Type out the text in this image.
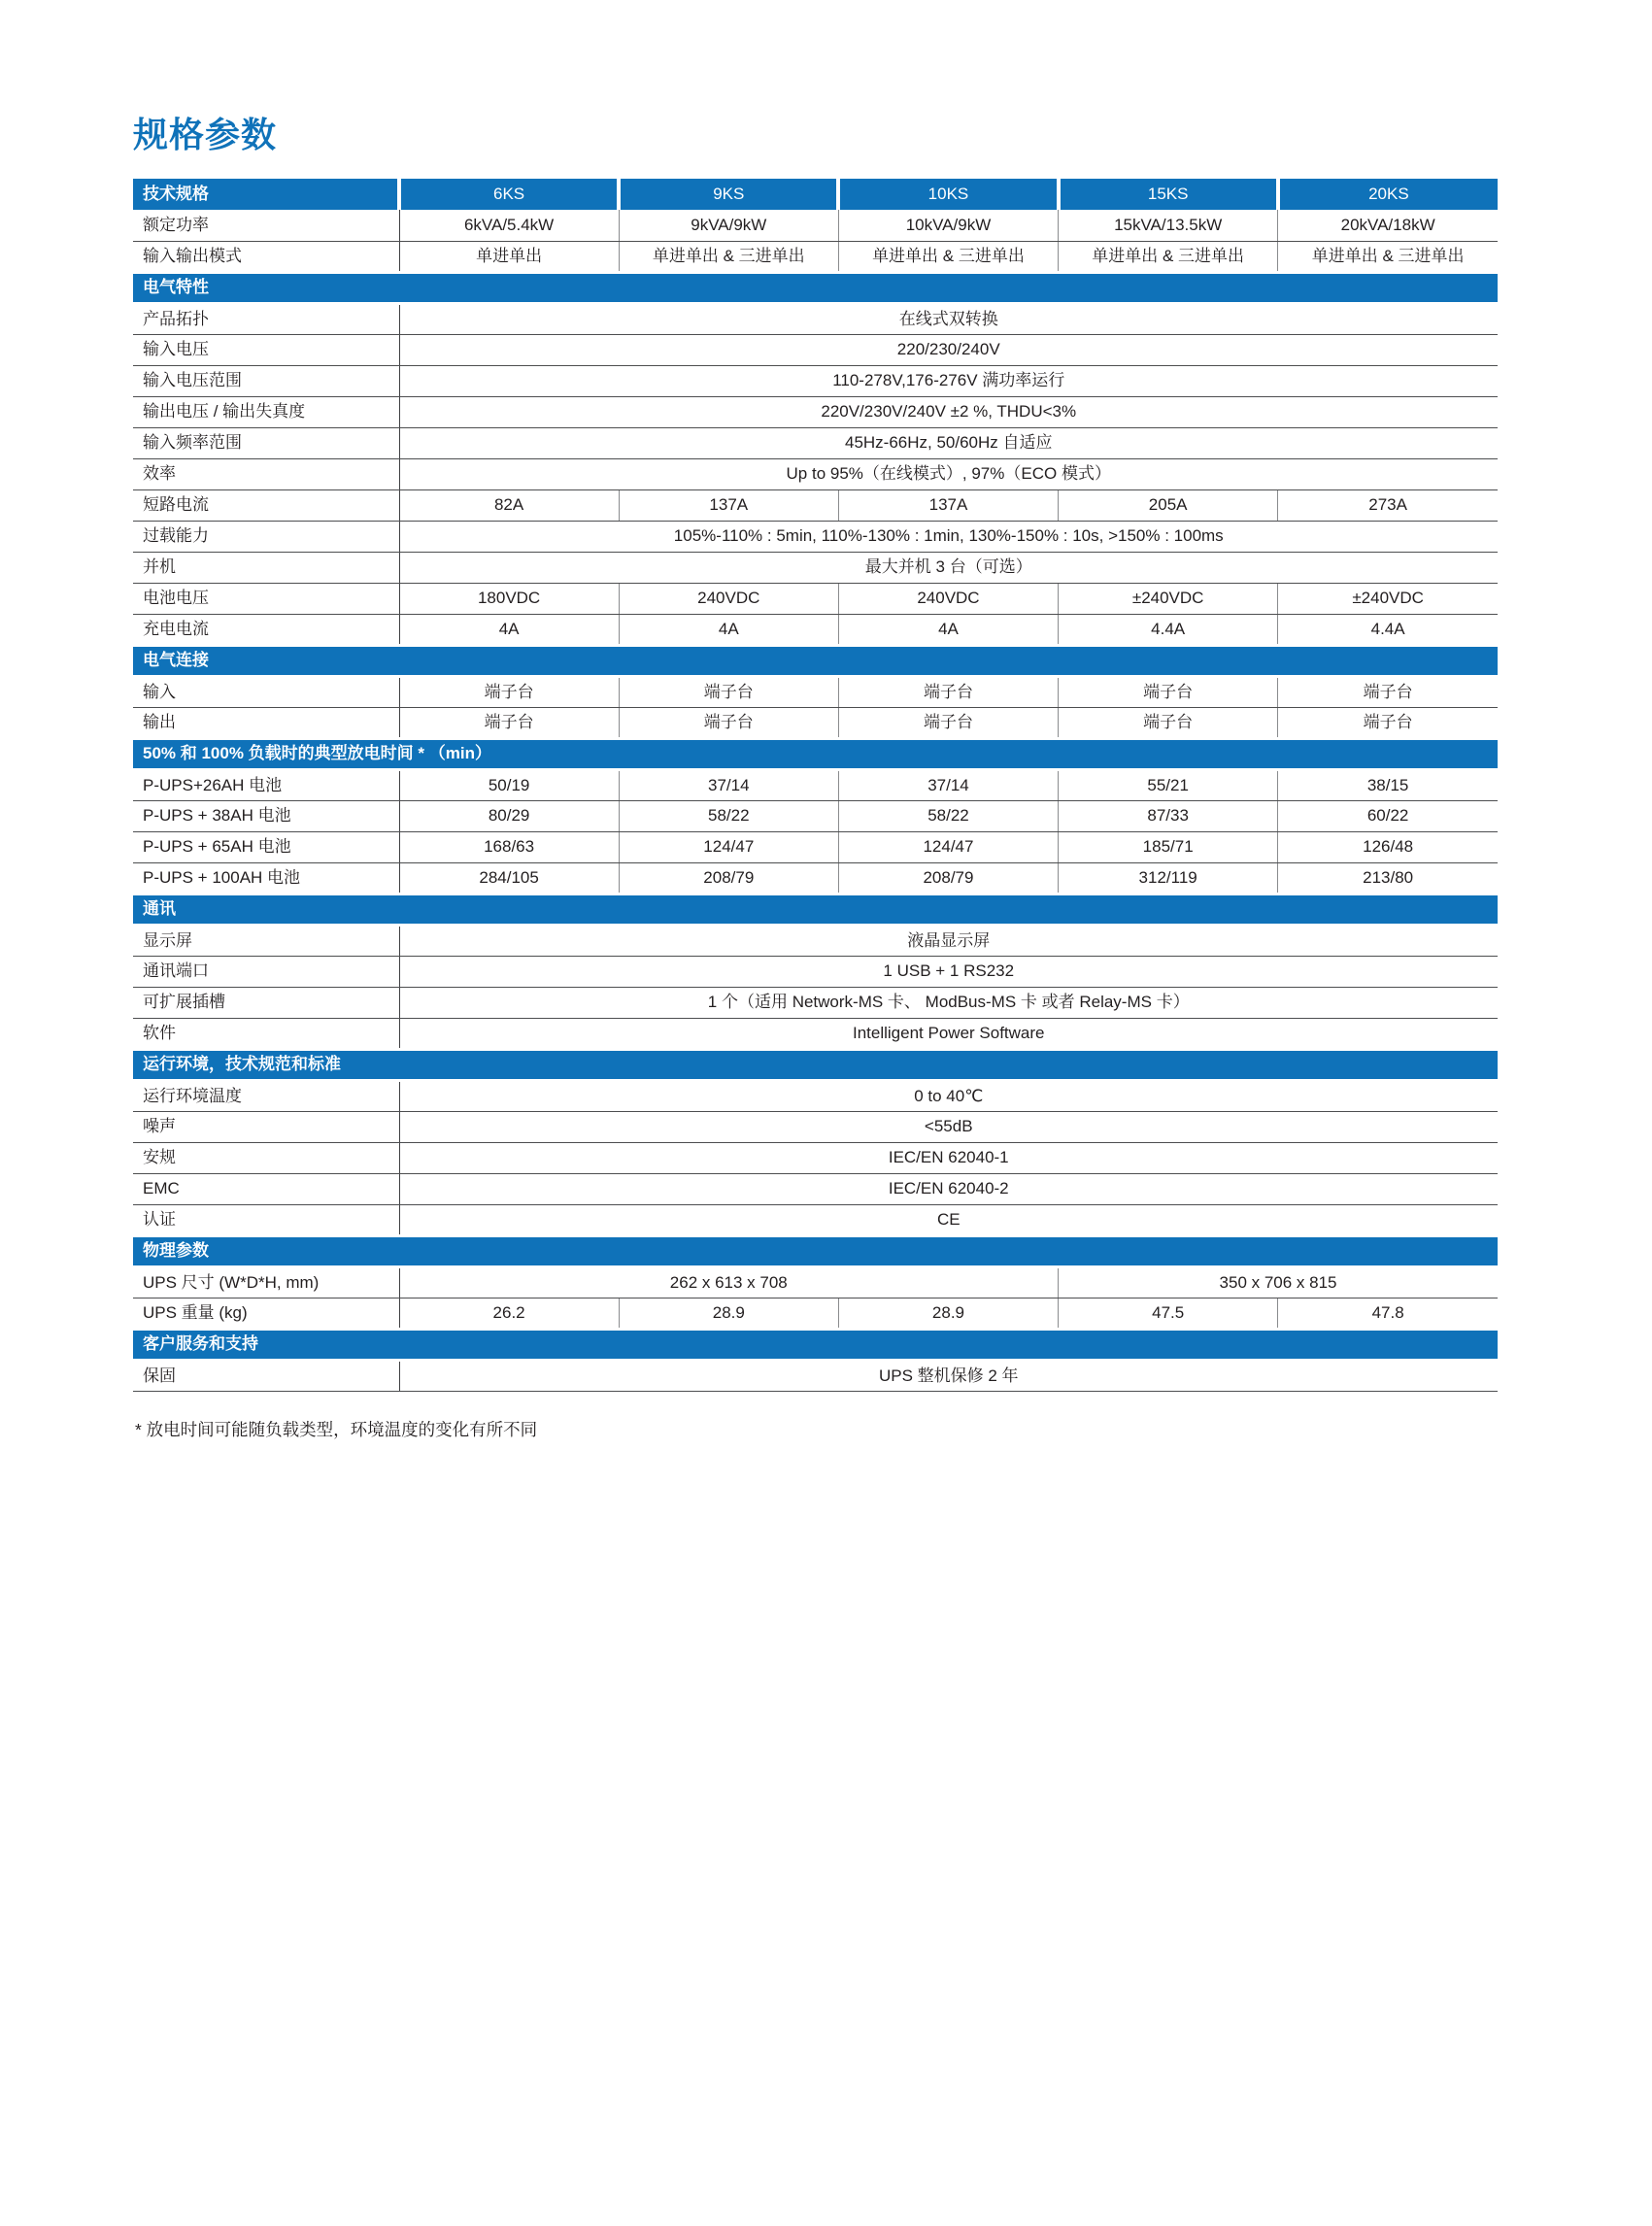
规格参数
技术规格	6KS	9KS	10KS	15KS	20KS
额定功率	6kVA/5.4kW	9kVA/9kW	10kVA/9kW	15kVA/13.5kW	20kVA/18kW
输入输出模式	单进单出	单进单出 & 三进单出	单进单出 & 三进单出	单进单出 & 三进单出	单进单出 & 三进单出
电气特性					
产品拓扑	在线式双转换				
输入电压	220/230/240V				
输入电压范围	110-278V,176-276V 满功率运行				
输出电压 / 输出失真度	220V/230V/240V ±2 %, THDU<3%				
输入频率范围	45Hz-66Hz, 50/60Hz 自适应				
效率	Up to 95%（在线模式）, 97%（ECO 模式）				
短路电流	82A	137A	137A	205A	273A
过载能力	105%-110% : 5min, 110%-130% : 1min, 130%-150% : 10s, >150% : 100ms				
并机	最大并机 3 台（可选）				
电池电压	180VDC	240VDC	240VDC	±240VDC	±240VDC
充电电流	4A	4A	4A	4.4A	4.4A
电气连接					
输入	端子台	端子台	端子台	端子台	端子台
输出	端子台	端子台	端子台	端子台	端子台
50% 和 100% 负载时的典型放电时间 * （min）					
P-UPS+26AH 电池	50/19	37/14	37/14	55/21	38/15
P-UPS + 38AH 电池	80/29	58/22	58/22	87/33	60/22
P-UPS + 65AH 电池	168/63	124/47	124/47	185/71	126/48
P-UPS + 100AH 电池	284/105	208/79	208/79	312/119	213/80
通讯					
显示屏	液晶显示屏				
通讯端口	1 USB + 1 RS232				
可扩展插槽	1 个（适用 Network-MS 卡、 ModBus-MS 卡 或者 Relay-MS 卡）				
软件	Intelligent Power Software				
运行环境，技术规范和标准					
运行环境温度	0 to 40℃				
噪声	<55dB				
安规	IEC/EN 62040-1				
EMC	IEC/EN 62040-2				
认证	CE				
物理参数					
UPS 尺寸 (W*D*H, mm)	262 x 613 x 708			350 x 706 x 815	
UPS 重量 (kg)	26.2	28.9	28.9	47.5	47.8
客户服务和支持					
保固	UPS 整机保修 2 年				

* 放电时间可能随负载类型，环境温度的变化有所不同
